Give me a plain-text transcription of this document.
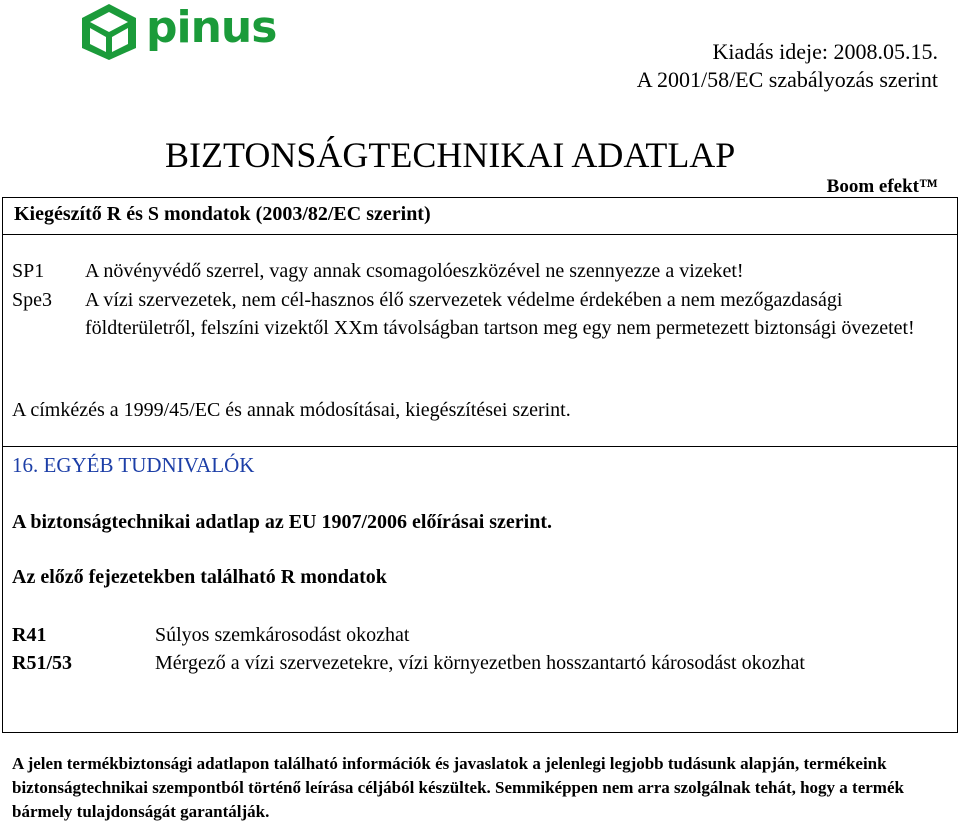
pinus	Kiadás ideje: 2008.05.15.
A 2001/58/EC szabályozás szerint
BIZTONSÁGTECHNIKAI ADATLAP
Boom efekt™
Kiegészítő R és S mondatok (2003/82/EC szerint)
SP1 A növényvédő szerrel, vagy annak csomagolóeszközével ne szennyezze a vizeket!
Spe3 A vízi szervezetek, nem cél-hasznos élő szervezetek védelme érdekében a nem mezőgazdasági földterületről, felszíni vizektől XXm távolságban tartson meg egy nem permetezett biztonsági övezetet!
A címkézés a 1999/45/EC és annak módosításai, kiegészítései szerint.
16. EGYÉB TUDNIVALÓK
A biztonságtechnikai adatlap az EU 1907/2006 előírásai szerint.
Az előző fejezetekben található R mondatok
R41	Súlyos szemkárosodást okozhat
R51/53	Mérgező a vízi szervezetekre, vízi környezetben hosszantartó károsodást okozhat
A jelen termékbiztonsági adatlapon található információk és javaslatok a jelenlegi legjobb tudásunk alapján, termékeink biztonságtechnikai szempontból történő leírása céljából készültek. Semmiképpen nem arra szolgálnak tehát, hogy a termék bármely tulajdonságát garantálják.
